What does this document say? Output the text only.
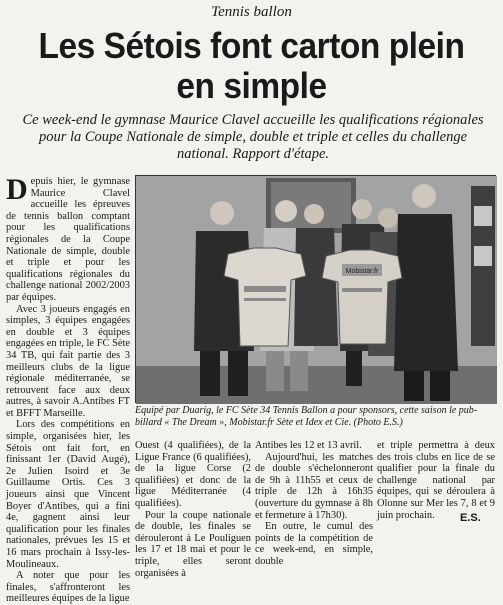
Tennis ballon
Les Sétois font carton plein en simple
Ce week-end le gymnase Maurice Clavel accueille les qualifications régionales pour la Coupe Nationale de simple, double et triple et celles du challenge national. Rapport d'étape.

Depuis hier, le gymnase Maurice Clavel accueille les épreuves de tennis ballon comptant pour les qualifications régionales de la Coupe Nationale de simple, double et triple et pour les qualifications régionales du challenge national 2002/2003 par équipes.

Avec 3 joueurs engagés en simples, 3 équipes engagées en double et 3 équipes engagées en triple, le FC Sète 34 TB, qui fait partie des 3 meilleurs clubs de la ligue régionale méditerranée, se retrouvent face aux deux autres, à savoir A.Antibes FT et BFFT Marseille.

Lors des compétitions en simple, organisées hier, les Sétois ont fait fort, en finissant 1er (David Augé), 2e Julien Isoird et 3e Guillaume Ortis. Ces 3 joueurs ainsi que Vincent Boyer d'Antibes, qui a fini 4e, gagnent ainsi leur qualification pour les finales nationales, prévues les 15 et 16 mars prochain à Issy-les-Moulineaux.

A noter que pour les finales, s'affronteront les meilleures équipes de la ligue

Mobistar.fr
Equipé par Duarig, le FC Sète 34 Tennis Ballon a pour sponsors, cette saison le pub-billard « The Dream », Mobistar.fr Sète et Idex et Cie. (Photo E.S.)

Ouest (4 qualifiées), de la Ligue France (6 qualifiées), de la ligue Corse (2 qualifiées) et donc de la ligue Méditerranée (4 qualifiées).

Pour la coupe nationale de double, les finales se dérouleront à Le Pouliguen les 17 et 18 mai et pour le triple, elles seront organisées à

Antibes les 12 et 13 avril.

Aujourd'hui, les matches de double s'échelonneront de 9h à 11h55 et ceux de triple de 12h à 16h35 (ouverture du gymnase à 8h et fermeture à 17h30).

En outre, le cumul des points de la compétition de ce week-end, en simple, double

et triple permettra à deux des trois clubs en lice de se qualifier pour la finale du challenge national par équipes, qui se déroulera à Olonne sur Mer les 7, 8 et 9 juin prochain.	E.S.
